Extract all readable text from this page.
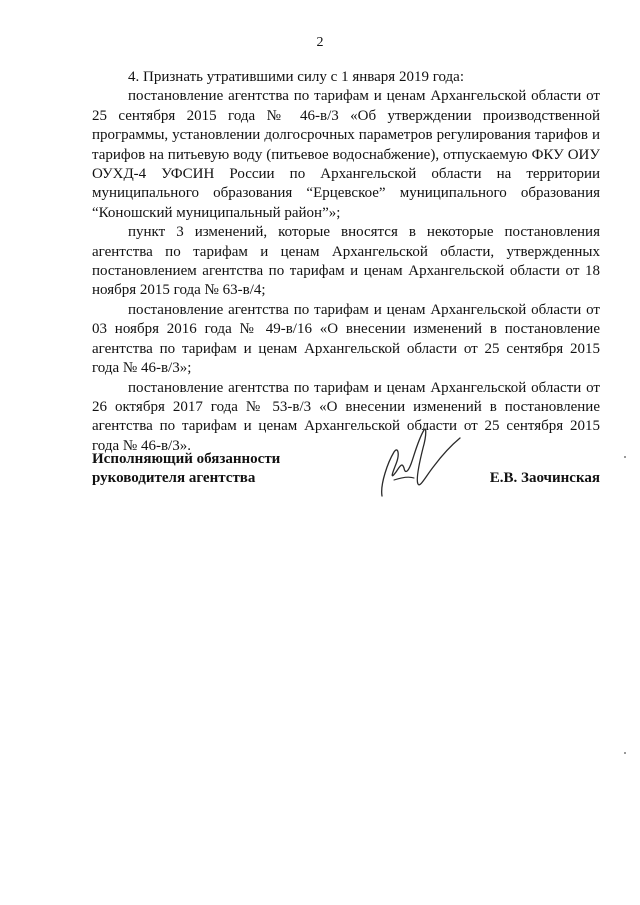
2

4. Признать утратившими силу с 1 января 2019 года:

постановление агентства по тарифам и ценам Архангельской области от 25 сентября 2015 года № 46-в/3 «Об утверждении производственной программы, установлении долгосрочных параметров регулирования тарифов и тарифов на питьевую воду (питьевое водоснабжение), отпускаемую ФКУ ОИУ ОУХД-4 УФСИН России по Архангельской области на территории муниципального образования “Ерцевское” муниципального образования “Коношский муниципальный район”»;

пункт 3 изменений, которые вносятся в некоторые постановления агентства по тарифам и ценам Архангельской области, утвержденных постановлением агентства по тарифам и ценам Архангельской области от 18 ноября 2015 года № 63-в/4;

постановление агентства по тарифам и ценам Архангельской области от 03 ноября 2016 года № 49-в/16 «О внесении изменений в постановление агентства по тарифам и ценам Архангельской области от 25 сентября 2015 года № 46-в/3»;

постановление агентства по тарифам и ценам Архангельской области от 26 октября 2017 года № 53-в/3 «О внесении изменений в постановление агентства по тарифам и ценам Архангельской области от 25 сентября 2015 года № 46-в/3».

Исполняющий обязанности
руководителя агентства	Е.В. Заочинская
